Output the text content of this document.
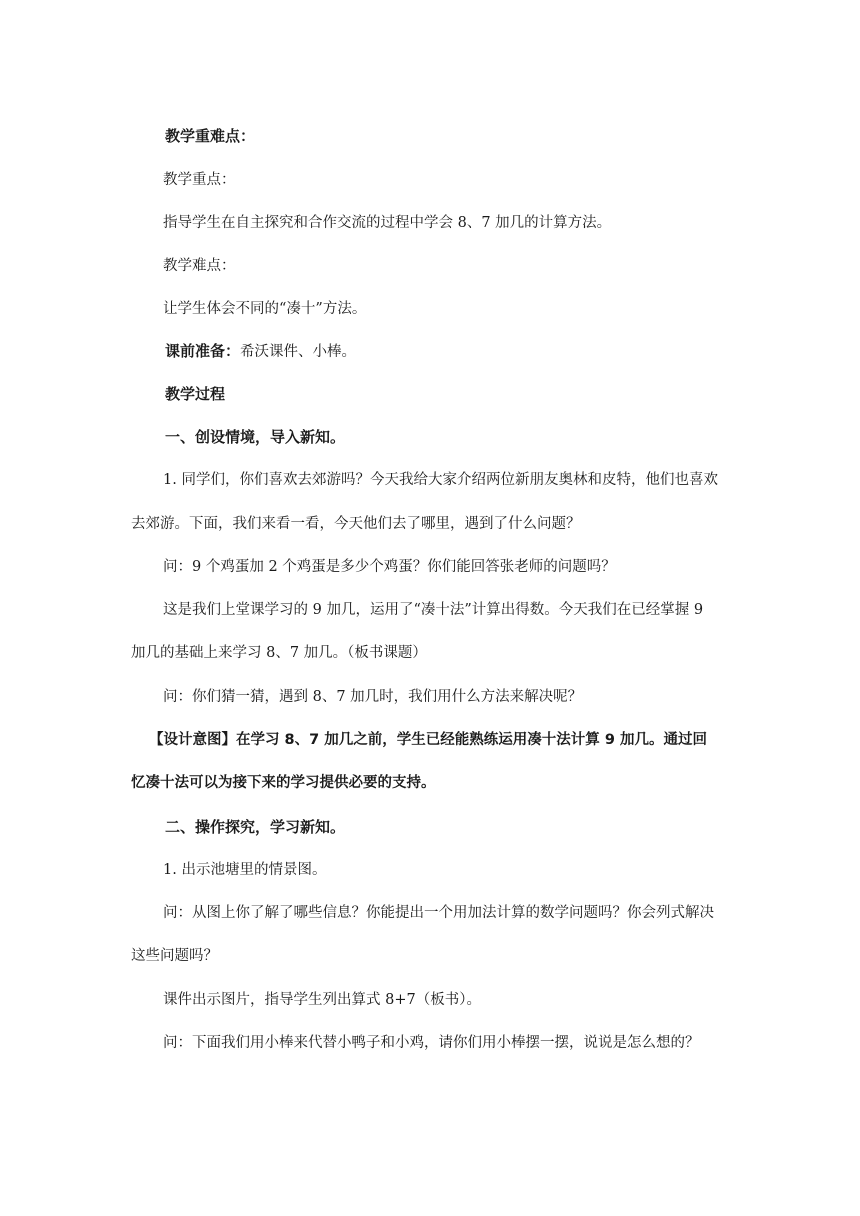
教学重难点：
教学重点：
指导学生在自主探究和合作交流的过程中学会 8、7 加几的计算方法。
教学难点：
让学生体会不同的“凑十”方法。
课前准备：希沃课件、小棒。
教学过程
一、创设情境，导入新知。
1. 同学们，你们喜欢去郊游吗？今天我给大家介绍两位新朋友奥林和皮特，他们也喜欢
去郊游。下面，我们来看一看，今天他们去了哪里，遇到了什么问题？
问：9 个鸡蛋加 2 个鸡蛋是多少个鸡蛋？你们能回答张老师的问题吗？
这是我们上堂课学习的 9 加几，运用了“凑十法”计算出得数。今天我们在已经掌握 9
加几的基础上来学习 8、7 加几。（板书课题）
问：你们猜一猜，遇到 8、7 加几时，我们用什么方法来解决呢？
【设计意图】在学习 8、7 加几之前，学生已经能熟练运用凑十法计算 9 加几。通过回
忆凑十法可以为接下来的学习提供必要的支持。
二、操作探究，学习新知。
1. 出示池塘里的情景图。
问：从图上你了解了哪些信息？你能提出一个用加法计算的数学问题吗？你会列式解决
这些问题吗？
课件出示图片，指导学生列出算式 8+7（板书）。
问：下面我们用小棒来代替小鸭子和小鸡，请你们用小棒摆一摆，说说是怎么想的？
